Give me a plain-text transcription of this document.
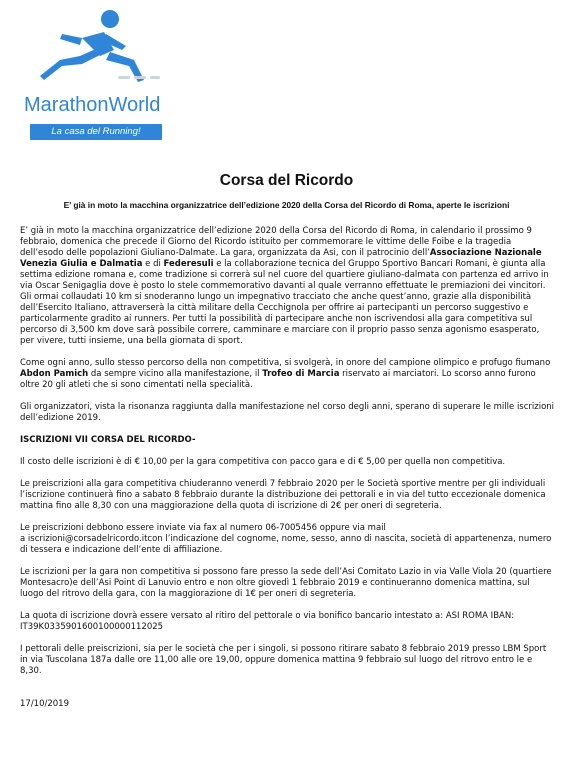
MarathonWorld
La casa del Running!
Corsa del Ricordo
E’ già in moto la macchina organizzatrice dell’edizione 2020 della Corsa del Ricordo di Roma, aperte le iscrizioni

E’ già in moto la macchina organizzatrice dell’edizione 2020 della Corsa del Ricordo di Roma, in calendario il prossimo 9 febbraio, domenica che precede il Giorno del Ricordo istituito per commemorare le vittime delle Foibe e la tragedia dell’esodo delle popolazioni Giuliano-Dalmate. La gara, organizzata da Asi, con il patrocinio dell’Associazione Nazionale Venezia Giulia e Dalmatia e di Federesuli e la collaborazione tecnica del Gruppo Sportivo Bancari Romani, è giunta alla settima edizione romana e, come tradizione si correrà sul nel cuore del quartiere giuliano-dalmata con partenza ed arrivo in via Oscar Senigaglia dove è posto lo stele commemorativo davanti al quale verranno effettuate le premiazioni dei vincitori. Gli ormai collaudati 10 km si snoderanno lungo un impegnativo tracciato che anche quest’anno, grazie alla disponibilità dell’Esercito Italiano, attraverserà la città militare della Cecchignola per offrire ai partecipanti un percorso suggestivo e particolarmente gradito ai runners. Per tutti la possibilità di partecipare anche non iscrivendosi alla gara competitiva sul percorso di 3,500 km dove sarà possibile correre, camminare e marciare con il proprio passo senza agonismo esasperato, per vivere, tutti insieme, una bella giornata di sport.

Come ogni anno, sullo stesso percorso della non competitiva, si svolgerà, in onore del campione olimpico e profugo fiumano Abdon Pamich da sempre vicino alla manifestazione, il Trofeo di Marcia riservato ai marciatori. Lo scorso anno furono oltre 20 gli atleti che si sono cimentati nella specialità.

Gli organizzatori, vista la risonanza raggiunta dalla manifestazione nel corso degli anni, sperano di superare le mille iscrizioni dell’edizione 2019.

ISCRIZIONI VII CORSA DEL RICORDO-

Il costo delle iscrizioni è di € 10,00 per la gara competitiva con pacco gara e di € 5,00 per quella non competitiva.

Le preiscrizioni alla gara competitiva chiuderanno venerdì 7 febbraio 2020 per le Società sportive mentre per gli individuali l’iscrizione continuerà fino a sabato 8 febbraio durante la distribuzione dei pettorali e in via del tutto eccezionale domenica mattina fino alle 8,30 con una maggiorazione della quota di iscrizione di 2€ per oneri di segreteria.

Le preiscrizioni debbono essere inviate via fax al numero 06-7005456 oppure via mail

a iscrizioni@corsadelricordo.itcon l’indicazione del cognome, nome, sesso, anno di nascita, società di appartenenza, numero di tessera e indicazione dell’ente di affiliazione.

Le iscrizioni per la gara non competitiva si possono fare presso la sede dell’Asi Comitato Lazio in via Valle Viola 20 (quartiere Montesacro)e dell’Asi Point di Lanuvio entro e non oltre giovedì 1 febbraio 2019 e continueranno domenica mattina, sul luogo del ritrovo della gara, con la maggiorazione di 1€ per oneri di segreteria.

La quota di iscrizione dovrà essere versato al ritiro del pettorale o via bonifico bancario intestato a: ASI ROMA IBAN: IT39K0335901600100000112025

I pettorali delle preiscrizioni, sia per le società che per i singoli, si possono ritirare sabato 8 febbraio 2019 presso LBM Sport in via Tuscolana 187a dalle ore 11,00 alle ore 19,00, oppure domenica mattina 9 febbraio sul luogo del ritrovo entro le e 8,30.

17/10/2019
